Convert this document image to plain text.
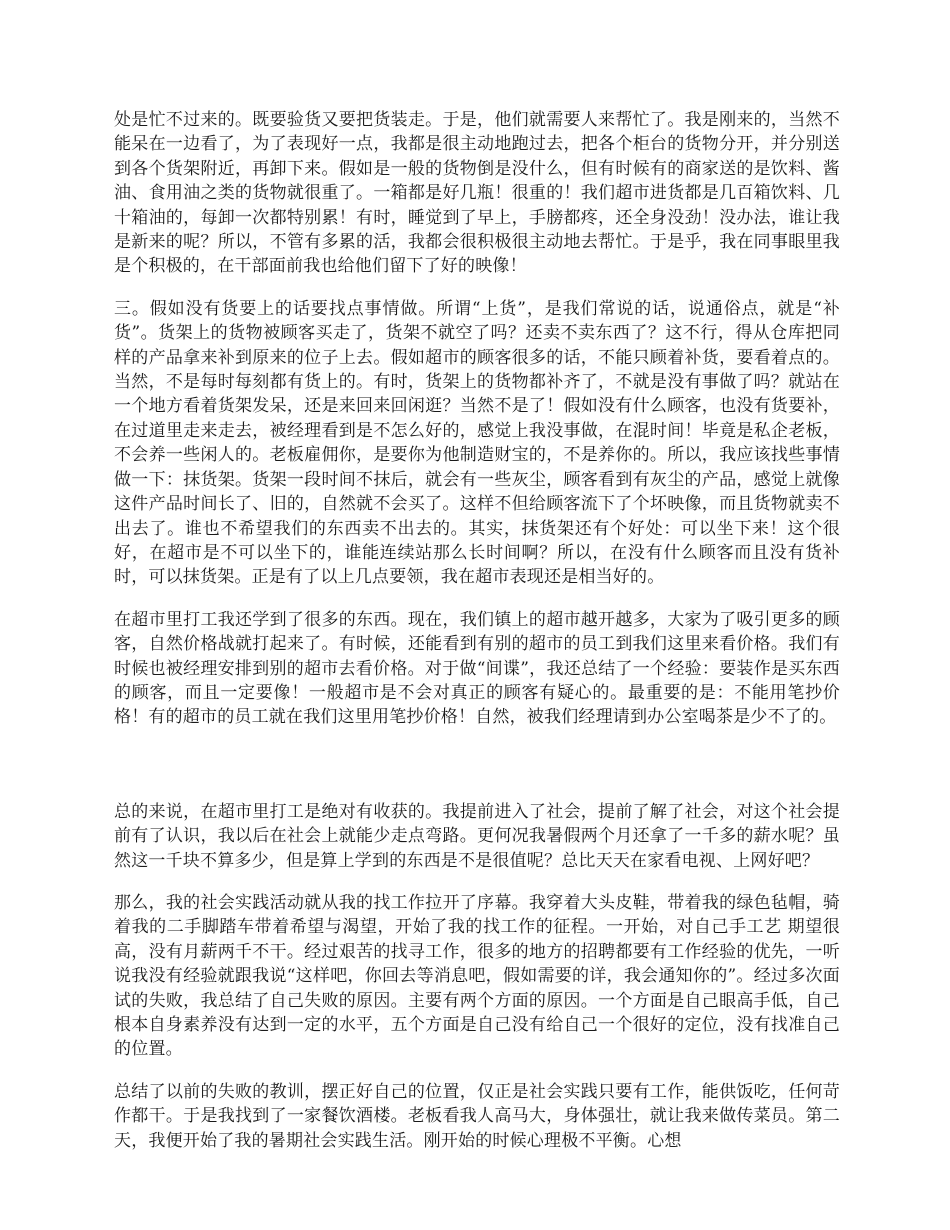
处是忙不过来的。既要验货又要把货装走。于是，他们就需要人来帮忙了。我是刚来的，当然不能呆在一边看了，为了表现好一点，我都是很主动地跑过去，把各个柜台的货物分开，并分别送到各个货架附近，再卸下来。假如是一般的货物倒是没什么，但有时候有的商家送的是饮料、酱油、食用油之类的货物就很重了。一箱都是好几瓶！很重的！我们超市进货都是几百箱饮料、几十箱油的，每卸一次都特别累！有时，睡觉到了早上，手膀都疼，还全身没劲！没办法，谁让我是新来的呢？所以，不管有多累的活，我都会很积极很主动地去帮忙。于是乎，我在同事眼里我是个积极的，在干部面前我也给他们留下了好的映像！

三。假如没有货要上的话要找点事情做。所谓“上货”，是我们常说的话，说通俗点，就是“补货”。货架上的货物被顾客买走了，货架不就空了吗？还卖不卖东西了？这不行，得从仓库把同样的产品拿来补到原来的位子上去。假如超市的顾客很多的话，不能只顾着补货，要看着点的。当然，不是每时每刻都有货上的。有时，货架上的货物都补齐了，不就是没有事做了吗？就站在一个地方看着货架发呆，还是来回来回闲逛？当然不是了！假如没有什么顾客，也没有货要补，在过道里走来走去，被经理看到是不怎么好的，感觉上我没事做，在混时间！毕竟是私企老板，不会养一些闲人的。老板雇佣你，是要你为他制造财宝的，不是养你的。所以，我应该找些事情做一下：抹货架。货架一段时间不抹后，就会有一些灰尘，顾客看到有灰尘的产品，感觉上就像这件产品时间长了、旧的，自然就不会买了。这样不但给顾客流下了个坏映像，而且货物就卖不出去了。谁也不希望我们的东西卖不出去的。其实，抹货架还有个好处：可以坐下来！这个很好，在超市是不可以坐下的，谁能连续站那么长时间啊？所以，在没有什么顾客而且没有货补时，可以抹货架。正是有了以上几点要领，我在超市表现还是相当好的。

在超市里打工我还学到了很多的东西。现在，我们镇上的超市越开越多，大家为了吸引更多的顾客，自然价格战就打起来了。有时候，还能看到有别的超市的员工到我们这里来看价格。我们有时候也被经理安排到别的超市去看价格。对于做“间谍”，我还总结了一个经验：要装作是买东西的顾客，而且一定要像！一般超市是不会对真正的顾客有疑心的。最重要的是：不能用笔抄价格！有的超市的员工就在我们这里用笔抄价格！自然，被我们经理请到办公室喝茶是少不了的。

总的来说，在超市里打工是绝对有收获的。我提前进入了社会，提前了解了社会，对这个社会提前有了认识，我以后在社会上就能少走点弯路。更何况我暑假两个月还拿了一千多的薪水呢？虽然这一千块不算多少，但是算上学到的东西是不是很值呢？总比天天在家看电视、上网好吧？

那么，我的社会实践活动就从我的找工作拉开了序幕。我穿着大头皮鞋，带着我的绿色毡帽，骑着我的二手脚踏车带着希望与渴望，开始了我的找工作的征程。一开始，对自己手工艺 期望很高，没有月薪两千不干。经过艰苦的找寻工作，很多的地方的招聘都要有工作经验的优先，一听说我没有经验就跟我说“这样吧，你回去等消息吧，假如需要的详，我会通知你的”。经过多次面试的失败，我总结了自己失败的原因。主要有两个方面的原因。一个方面是自己眼高手低，自己根本自身素养没有达到一定的水平，五个方面是自己没有给自己一个很好的定位，没有找准自己的位置。

总结了以前的失败的教训，摆正好自己的位置，仅正是社会实践只要有工作，能供饭吃，任何苛作都干。于是我找到了一家餐饮酒楼。老板看我人高马大，身体强壮，就让我来做传菜员。第二天，我便开始了我的暑期社会实践生活。刚开始的时候心理极不平衡。心想
